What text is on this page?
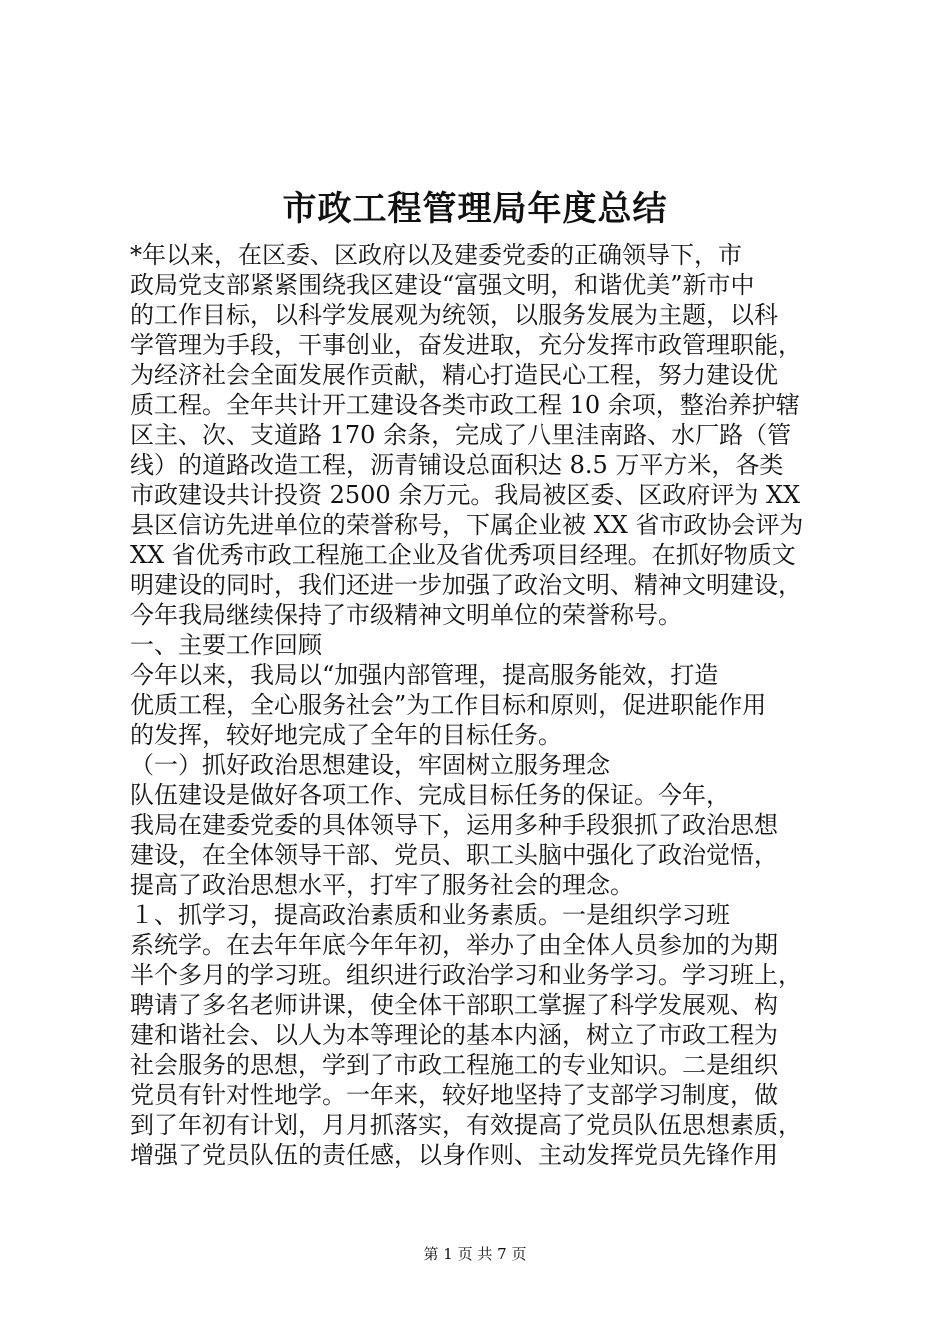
市政工程管理局年度总结
*年以来，在区委、区政府以及建委党委的正确领导下，市
政局党支部紧紧围绕我区建设“富强文明，和谐优美”新市中
的工作目标，以科学发展观为统领，以服务发展为主题，以科
学管理为手段，干事创业，奋发进取，充分发挥市政管理职能，
为经济社会全面发展作贡献，精心打造民心工程，努力建设优
质工程。全年共计开工建设各类市政工程 10 余项，整治养护辖
区主、次、支道路 170 余条，完成了八里洼南路、水厂路（管
线）的道路改造工程，沥青铺设总面积达 8.5 万平方米，各类
市政建设共计投资 2500 余万元。我局被区委、区政府评为 XX
县区信访先进单位的荣誉称号，下属企业被 XX 省市政协会评为
XX 省优秀市政工程施工企业及省优秀项目经理。在抓好物质文
明建设的同时，我们还进一步加强了政治文明、精神文明建设，
今年我局继续保持了市级精神文明单位的荣誉称号。
一、主要工作回顾
今年以来，我局以“加强内部管理，提高服务能效，打造
优质工程，全心服务社会”为工作目标和原则，促进职能作用
的发挥，较好地完成了全年的目标任务。
（一）抓好政治思想建设，牢固树立服务理念
队伍建设是做好各项工作、完成目标任务的保证。今年，
我局在建委党委的具体领导下，运用多种手段狠抓了政治思想
建设，在全体领导干部、党员、职工头脑中强化了政治觉悟，
提高了政治思想水平，打牢了服务社会的理念。
１、抓学习，提高政治素质和业务素质。一是组织学习班
系统学。在去年年底今年年初，举办了由全体人员参加的为期
半个多月的学习班。组织进行政治学习和业务学习。学习班上，
聘请了多名老师讲课，使全体干部职工掌握了科学发展观、构
建和谐社会、以人为本等理论的基本内涵，树立了市政工程为
社会服务的思想，学到了市政工程施工的专业知识。二是组织
党员有针对性地学。一年来，较好地坚持了支部学习制度，做
到了年初有计划，月月抓落实，有效提高了党员队伍思想素质，
增强了党员队伍的责任感，以身作则、主动发挥党员先锋作用
第 1 页 共 7 页
